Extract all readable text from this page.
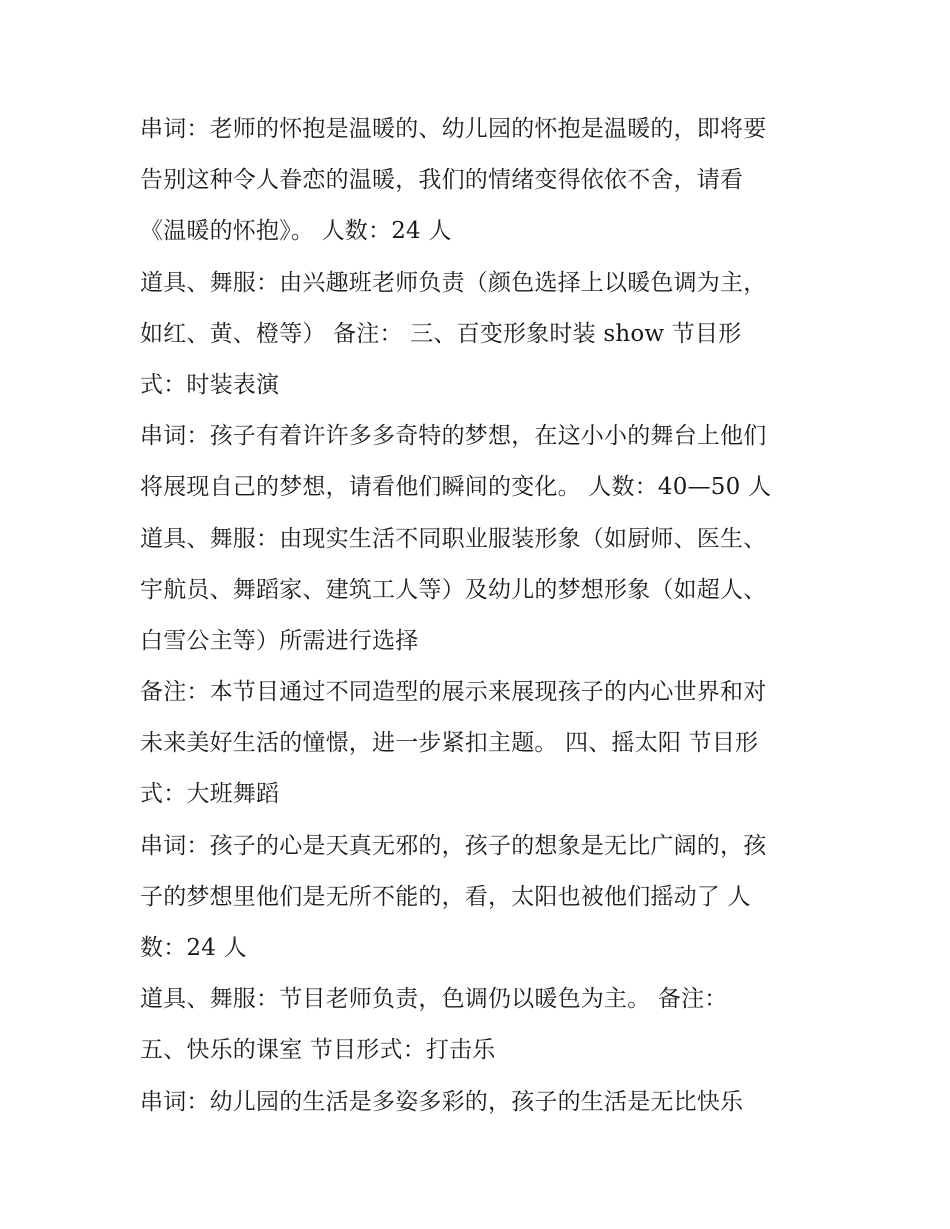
串词：老师的怀抱是温暖的、幼儿园的怀抱是温暖的，即将要
告别这种令人眷恋的温暖，我们的情绪变得依依不舍，请看
《温暖的怀抱》。 人数：24 人
道具、舞服：由兴趣班老师负责（颜色选择上以暖色调为主，
如红、黄、橙等） 备注： 三、百变形象时装 show 节目形
式：时装表演
串词：孩子有着许许多多奇特的梦想，在这小小的舞台上他们
将展现自己的梦想，请看他们瞬间的变化。 人数：40—50 人
道具、舞服：由现实生活不同职业服装形象（如厨师、医生、
宇航员、舞蹈家、建筑工人等）及幼儿的梦想形象（如超人、
白雪公主等）所需进行选择
备注：本节目通过不同造型的展示来展现孩子的内心世界和对
未来美好生活的憧憬，进一步紧扣主题。 四、摇太阳 节目形
式：大班舞蹈
串词：孩子的心是天真无邪的，孩子的想象是无比广阔的，孩
子的梦想里他们是无所不能的，看，太阳也被他们摇动了 人
数：24 人
道具、舞服：节目老师负责，色调仍以暖色为主。 备注：
五、快乐的课室 节目形式：打击乐
串词：幼儿园的生活是多姿多彩的，孩子的生活是无比快乐
